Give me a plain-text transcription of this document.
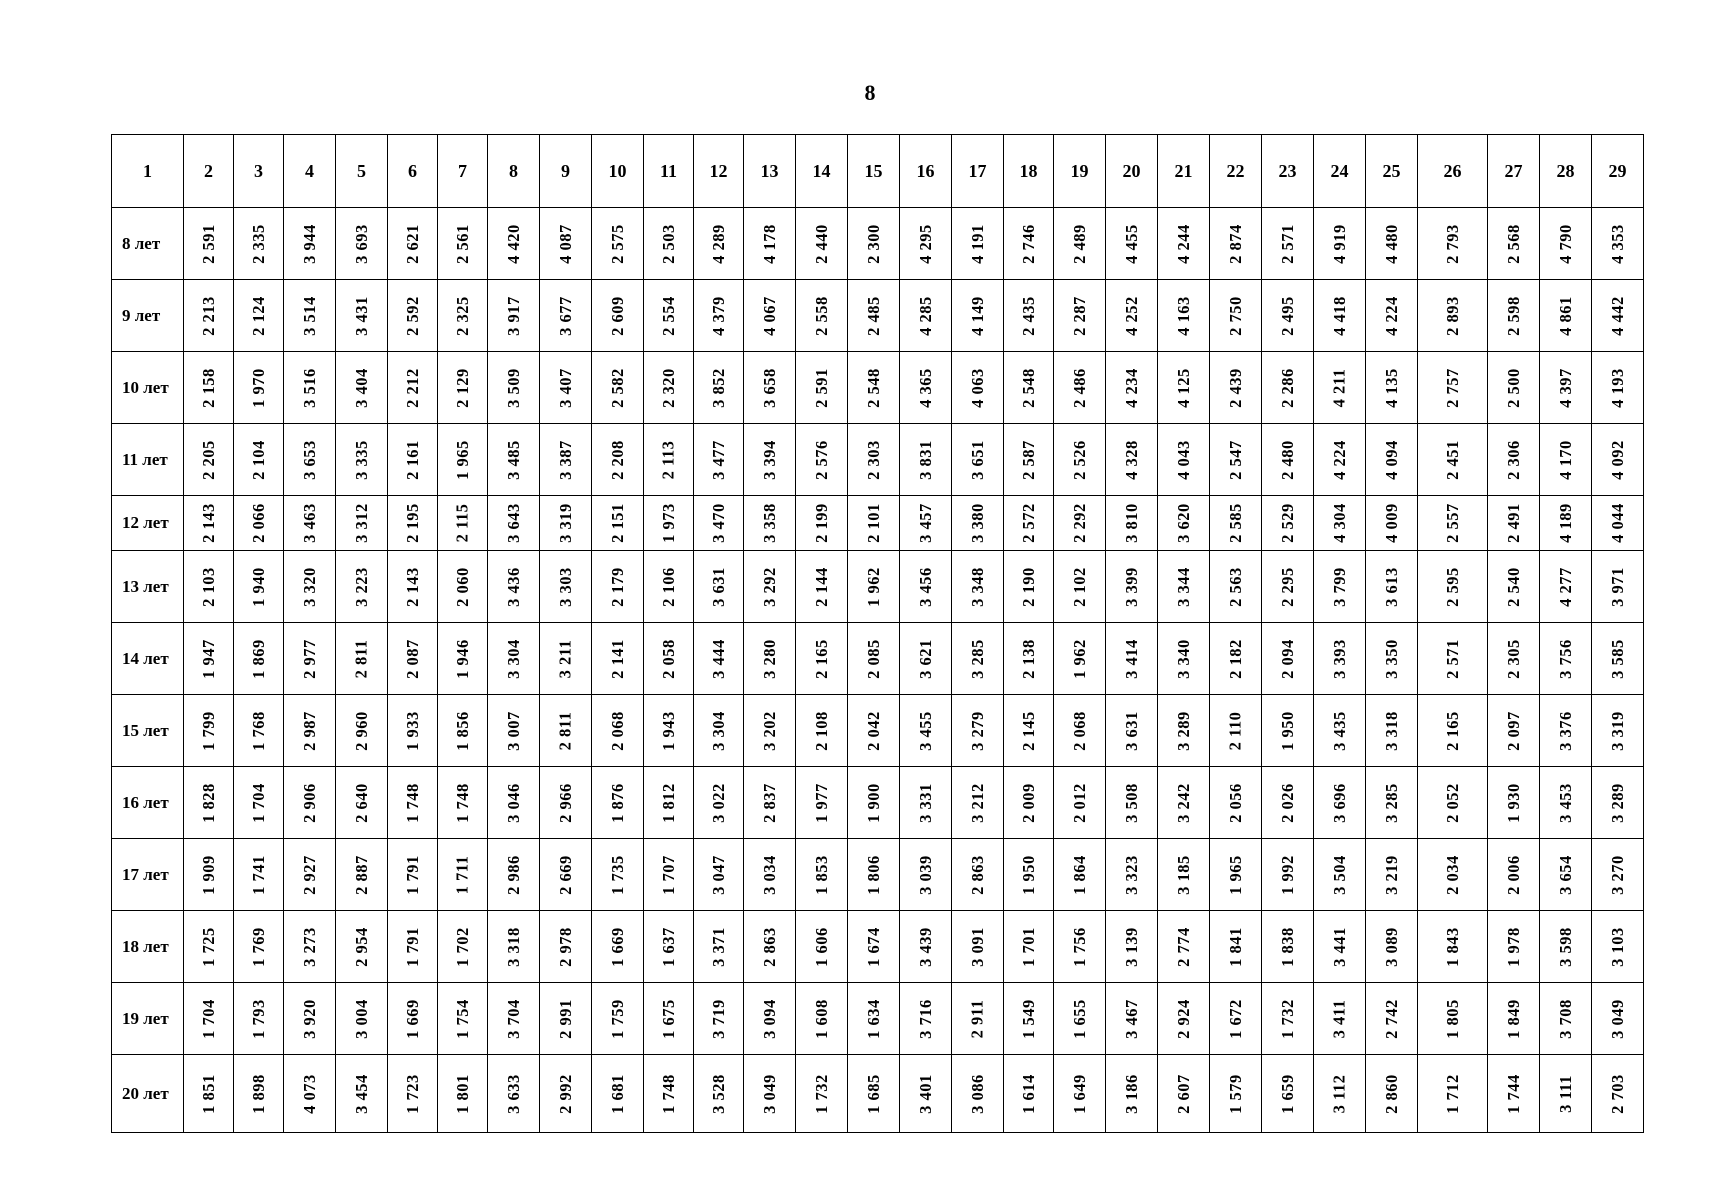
8
1	2	3	4	5	6	7	8	9	10	11	12	13	14	15	16	17	18	19	20	21	22	23	24	25	26	27	28	29
8 лет	2 591	2 335	3 944	3 693	2 621	2 561	4 420	4 087	2 575	2 503	4 289	4 178	2 440	2 300	4 295	4 191	2 746	2 489	4 455	4 244	2 874	2 571	4 919	4 480	2 793	2 568	4 790	4 353
9 лет	2 213	2 124	3 514	3 431	2 592	2 325	3 917	3 677	2 609	2 554	4 379	4 067	2 558	2 485	4 285	4 149	2 435	2 287	4 252	4 163	2 750	2 495	4 418	4 224	2 893	2 598	4 861	4 442
10 лет	2 158	1 970	3 516	3 404	2 212	2 129	3 509	3 407	2 582	2 320	3 852	3 658	2 591	2 548	4 365	4 063	2 548	2 486	4 234	4 125	2 439	2 286	4 211	4 135	2 757	2 500	4 397	4 193
11 лет	2 205	2 104	3 653	3 335	2 161	1 965	3 485	3 387	2 208	2 113	3 477	3 394	2 576	2 303	3 831	3 651	2 587	2 526	4 328	4 043	2 547	2 480	4 224	4 094	2 451	2 306	4 170	4 092
12 лет	2 143	2 066	3 463	3 312	2 195	2 115	3 643	3 319	2 151	1 973	3 470	3 358	2 199	2 101	3 457	3 380	2 572	2 292	3 810	3 620	2 585	2 529	4 304	4 009	2 557	2 491	4 189	4 044
13 лет	2 103	1 940	3 320	3 223	2 143	2 060	3 436	3 303	2 179	2 106	3 631	3 292	2 144	1 962	3 456	3 348	2 190	2 102	3 399	3 344	2 563	2 295	3 799	3 613	2 595	2 540	4 277	3 971
14 лет	1 947	1 869	2 977	2 811	2 087	1 946	3 304	3 211	2 141	2 058	3 444	3 280	2 165	2 085	3 621	3 285	2 138	1 962	3 414	3 340	2 182	2 094	3 393	3 350	2 571	2 305	3 756	3 585
15 лет	1 799	1 768	2 987	2 960	1 933	1 856	3 007	2 811	2 068	1 943	3 304	3 202	2 108	2 042	3 455	3 279	2 145	2 068	3 631	3 289	2 110	1 950	3 435	3 318	2 165	2 097	3 376	3 319
16 лет	1 828	1 704	2 906	2 640	1 748	1 748	3 046	2 966	1 876	1 812	3 022	2 837	1 977	1 900	3 331	3 212	2 009	2 012	3 508	3 242	2 056	2 026	3 696	3 285	2 052	1 930	3 453	3 289
17 лет	1 909	1 741	2 927	2 887	1 791	1 711	2 986	2 669	1 735	1 707	3 047	3 034	1 853	1 806	3 039	2 863	1 950	1 864	3 323	3 185	1 965	1 992	3 504	3 219	2 034	2 006	3 654	3 270
18 лет	1 725	1 769	3 273	2 954	1 791	1 702	3 318	2 978	1 669	1 637	3 371	2 863	1 606	1 674	3 439	3 091	1 701	1 756	3 139	2 774	1 841	1 838	3 441	3 089	1 843	1 978	3 598	3 103
19 лет	1 704	1 793	3 920	3 004	1 669	1 754	3 704	2 991	1 759	1 675	3 719	3 094	1 608	1 634	3 716	2 911	1 549	1 655	3 467	2 924	1 672	1 732	3 411	2 742	1 805	1 849	3 708	3 049
20 лет	1 851	1 898	4 073	3 454	1 723	1 801	3 633	2 992	1 681	1 748	3 528	3 049	1 732	1 685	3 401	3 086	1 614	1 649	3 186	2 607	1 579	1 659	3 112	2 860	1 712	1 744	3 111	2 703
